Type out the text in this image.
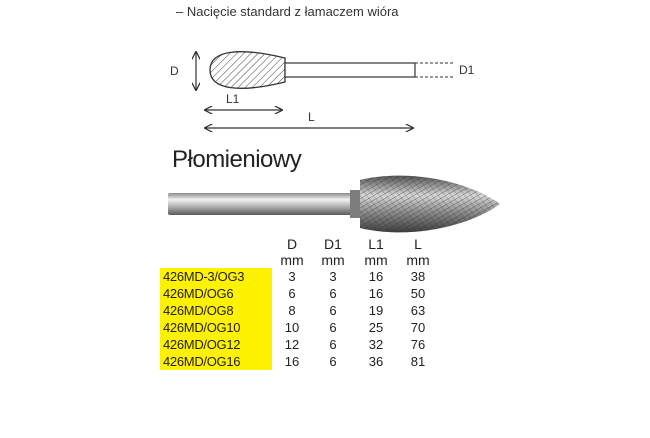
– Nacięcie standard z łamaczem wióra
D	D1
L1
L
Płomieniowy
	D	D1	L1	L
	mm	mm	mm	mm
426MD-3/OG3	3	3	16	38
426MD/OG6	6	6	16	50
426MD/OG8	8	6	19	63
426MD/OG10	10	6	25	70
426MD/OG12	12	6	32	76
426MD/OG16	16	6	36	81
